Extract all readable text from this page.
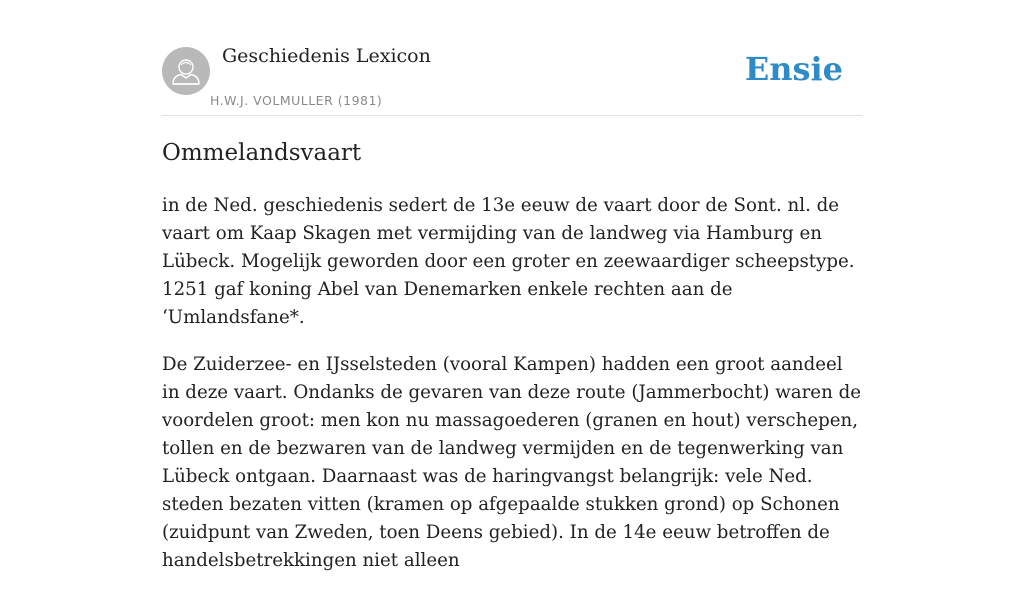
Geschiedenis Lexicon
H.W.J. VOLMULLER (1981)
Ensie
Ommelandsvaart

in de Ned. geschiedenis sedert de 13e eeuw de vaart door de Sont. nl. de vaart om Kaap Skagen met vermijding van de landweg via Hamburg en Lübeck. Mogelijk geworden door een groter en zeewaardiger scheepstype. 1251 gaf koning Abel van Denemarken enkele rechten aan de ‘Umlandsfane*.

De Zuiderzee- en IJsselsteden (vooral Kampen) hadden een groot aandeel in deze vaart. Ondanks de gevaren van deze route (Jammerbocht) waren de voordelen groot: men kon nu massagoederen (granen en hout) verschepen, tollen en de bezwaren van de landweg vermijden en de tegenwerking van Lübeck ontgaan. Daarnaast was de haringvangst belangrijk: vele Ned. steden bezaten vitten (kramen op afgepaalde stukken grond) op Schonen (zuidpunt van Zweden, toen Deens gebied). In de 14e eeuw betroffen de handelsbetrekkingen niet alleen
